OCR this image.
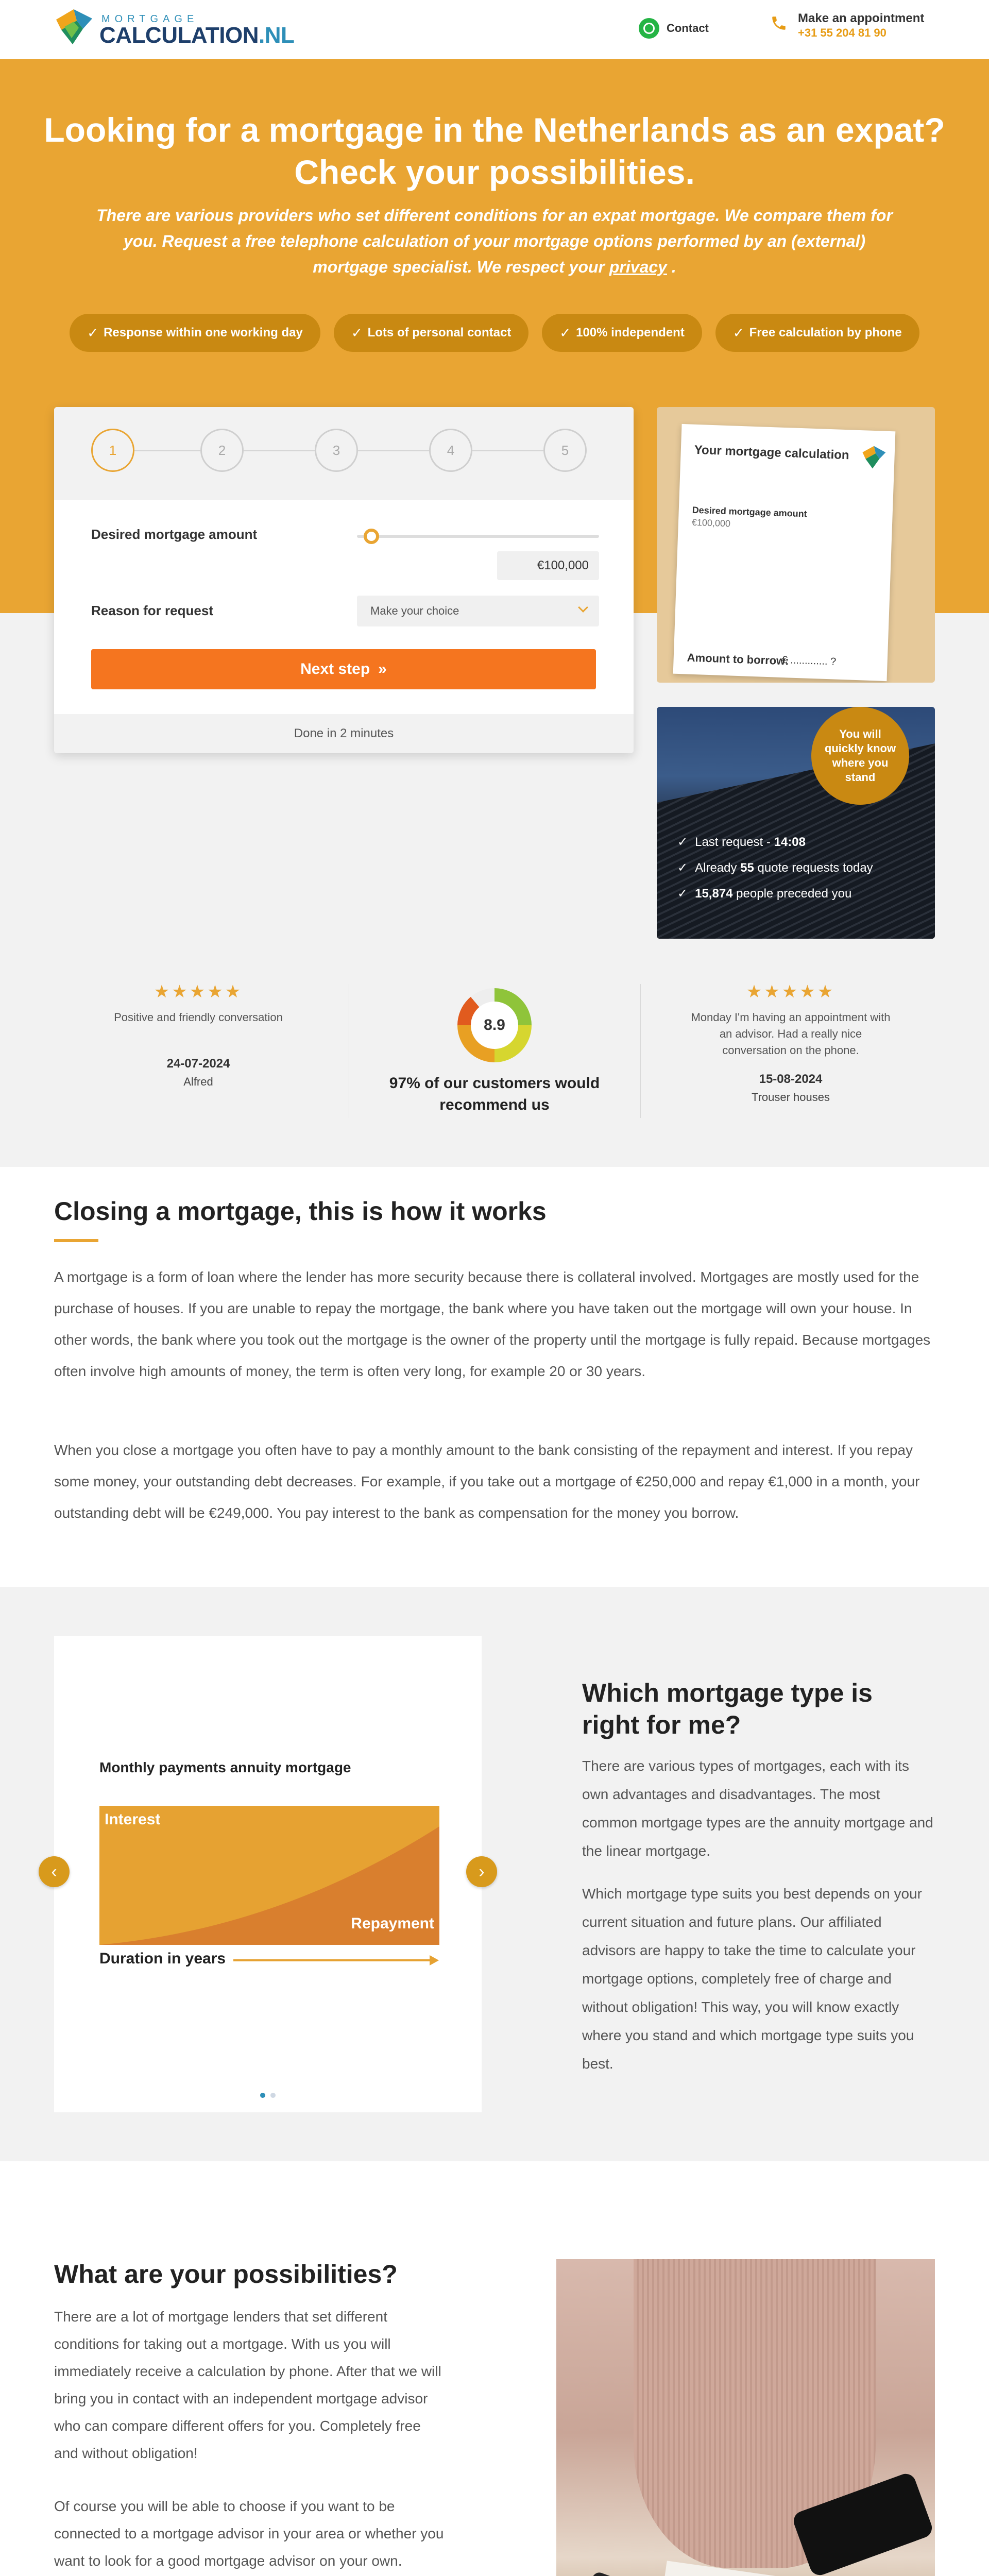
MORTGAGE
CALCULATION.NL	Contact
Make an appointment
+31 55 204 81 90
Looking for a mortgage in the Netherlands as an expat? Check your possibilities.

There are various providers who set different conditions for an expat mortgage. We compare them for you. Request a free telephone calculation of your mortgage options performed by an (external) mortgage specialist. We respect your privacy .

✓ Response within one working day	✓ Lots of personal contact	✓ 100% independent	✓ Free calculation by phone
1	2	3	4	5
Desired mortgage amount
€100,000
Reason for request	Make your choice
Next step »
Done in 2 minutes
Your mortgage calculation
Desired mortgage amount
€100,000
Amount to borrow:
€ ............. ?
You will quickly know where you stand
✓ Last request - 14:08
✓ Already 55 quote requests today
✓ 15,874 people preceded you
★★★★★
Positive and friendly conversation
24-07-2024
Alfred
8.9
97% of our customers would recommend us
★★★★★
Monday I'm having an appointment with an advisor. Had a really nice conversation on the phone.
15-08-2024
Trouser houses
Closing a mortgage, this is how it works

A mortgage is a form of loan where the lender has more security because there is collateral involved. Mortgages are mostly used for the purchase of houses. If you are unable to repay the mortgage, the bank where you have taken out the mortgage will own your house. In other words, the bank where you took out the mortgage is the owner of the property until the mortgage is fully repaid. Because mortgages often involve high amounts of money, the term is often very long, for example 20 or 30 years.

When you close a mortgage you often have to pay a monthly amount to the bank consisting of the repayment and interest. If you repay some money, your outstanding debt decreases. For example, if you take out a mortgage of €250,000 and repay €1,000 in a month, your outstanding debt will be €249,000. You pay interest to the bank as compensation for the money you borrow.

Monthly payments annuity mortgage
Interest
Repayment
Duration in years
‹	›
Which mortgage type is right for me?

There are various types of mortgages, each with its own advantages and disadvantages. The most common mortgage types are the annuity mortgage and the linear mortgage.

Which mortgage type suits you best depends on your current situation and future plans. Our affiliated advisors are happy to take the time to calculate your mortgage options, completely free of charge and without obligation! This way, you will know exactly where you stand and which mortgage type suits you best.

What are your possibilities?

There are a lot of mortgage lenders that set different conditions for taking out a mortgage. With us you will immediately receive a calculation by phone. After that we will bring you in contact with an independent mortgage advisor who can compare different offers for you. Completely free and without obligation!

Of course you will be able to choose if you want to be connected to a mortgage advisor in your area or whether you want to look for a good mortgage advisor on your own.
